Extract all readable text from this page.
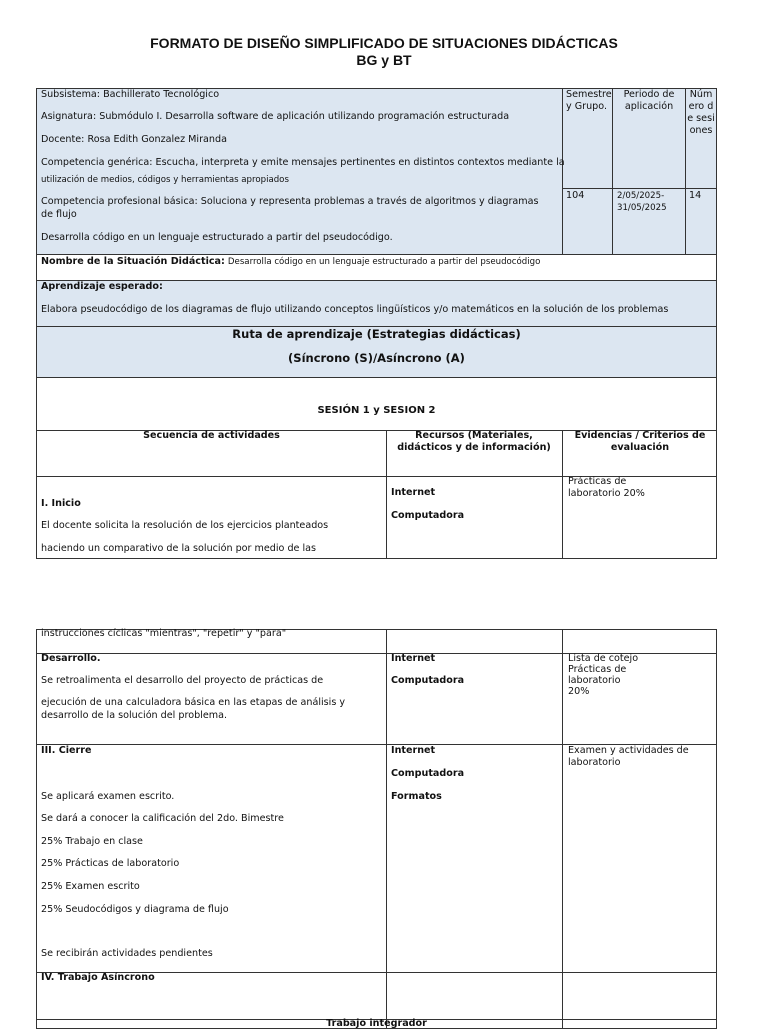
FORMATO DE DISEÑO SIMPLIFICADO DE SITUACIONES DIDÁCTICAS
BG y BT
Subsistema: Bachillerato Tecnológico
Asignatura: Submódulo I. Desarrolla software de aplicación utilizando programación estructurada
Docente: Rosa Edith Gonzalez Miranda
Competencia genérica: Escucha, interpreta y emite mensajes pertinentes en distintos contextos mediante la
utilización de medios, códigos y herramientas apropiados
Competencia profesional básica: Soluciona y representa problemas a través de algoritmos y diagramas
de flujo
Desarrolla código en un lenguaje estructurado a partir del pseudocódigo.
Semestre y Grupo.
Periodo de aplicación
Número de sesiones
104	2/05/2025-31/05/2025
14
Nombre de la Situación Didáctica: Desarrolla código en un lenguaje estructurado a partir del pseudocódigo
Aprendizaje esperado:
Elabora pseudocódigo de los diagramas de flujo utilizando conceptos lingüísticos y/o matemáticos en la solución de los problemas
Ruta de aprendizaje (Estrategias didácticas)
(Síncrono (S)/Asíncrono (A)
SESIÓN 1 y SESION 2
Secuencia de actividades	Recursos (Materiales, didácticos y de información)
Evidencias / Criterios de evaluación
I. Inicio
El docente solicita la resolución de los ejercicios planteados
haciendo un comparativo de la solución por medio de las
Internet
Computadora
Prácticas de laboratorio 20%
instrucciones cíclicas "mientras", "repetir" y "para"
Desarrollo.
Se retroalimenta el desarrollo del proyecto de prácticas de
ejecución de una calculadora básica en las etapas de análisis y
desarrollo de la solución del problema.
Internet
Computadora
Lista de cotejo
Prácticas de
laboratorio
20%
III. Cierre
Se aplicará examen escrito.
Se dará a conocer la calificación del 2do. Bimestre
25% Trabajo en clase
25% Prácticas de laboratorio
25% Examen escrito
25% Seudocódigos y diagrama de flujo
Se recibirán actividades pendientes
Internet
Computadora
Formatos
Examen y actividades de laboratorio
IV. Trabajo Asíncrono
Trabajo integrador
